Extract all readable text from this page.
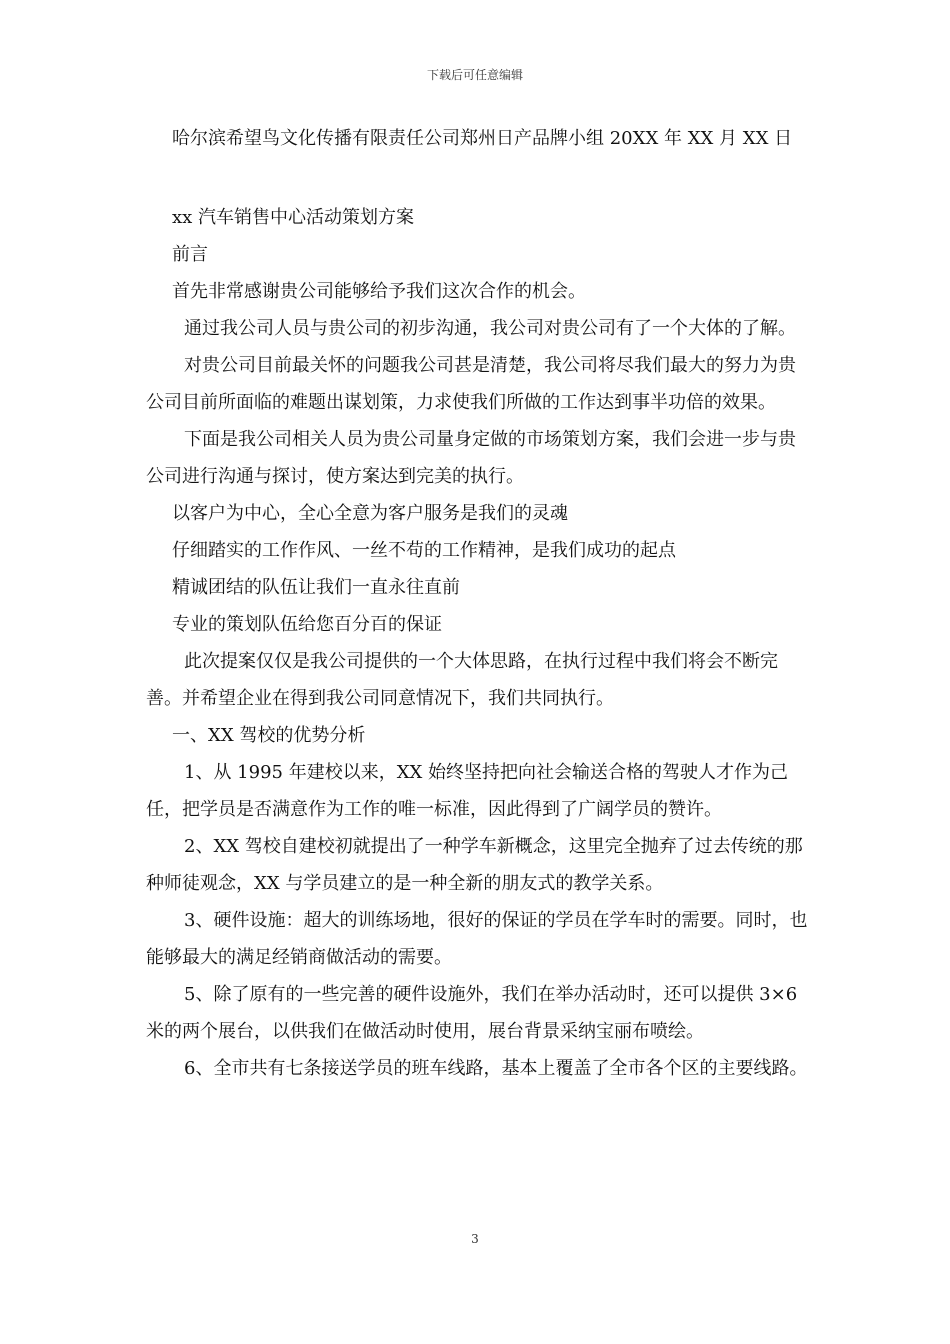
下载后可任意编辑

哈尔滨希望鸟文化传播有限责任公司郑州日产品牌小组 20XX 年 XX 月 XX 日

xx 汽车销售中心活动策划方案

前言

首先非常感谢贵公司能够给予我们这次合作的机会。

通过我公司人员与贵公司的初步沟通，我公司对贵公司有了一个大体的了解。

对贵公司目前最关怀的问题我公司甚是清楚，我公司将尽我们最大的努力为贵公司目前所面临的难题出谋划策，力求使我们所做的工作达到事半功倍的效果。

下面是我公司相关人员为贵公司量身定做的市场策划方案，我们会进一步与贵公司进行沟通与探讨，使方案达到完美的执行。

以客户为中心，全心全意为客户服务是我们的灵魂

仔细踏实的工作作风、一丝不苟的工作精神，是我们成功的起点

精诚团结的队伍让我们一直永往直前

专业的策划队伍给您百分百的保证

此次提案仅仅是我公司提供的一个大体思路，在执行过程中我们将会不断完善。并希望企业在得到我公司同意情况下，我们共同执行。

一、XX 驾校的优势分析

1、从 1995 年建校以来，XX 始终坚持把向社会输送合格的驾驶人才作为己任，把学员是否满意作为工作的唯一标准，因此得到了广阔学员的赞许。

2、XX 驾校自建校初就提出了一种学车新概念，这里完全抛弃了过去传统的那种师徒观念，XX 与学员建立的是一种全新的朋友式的教学关系。

3、硬件设施：超大的训练场地，很好的保证的学员在学车时的需要。同时，也能够最大的满足经销商做活动的需要。

5、除了原有的一些完善的硬件设施外，我们在举办活动时，还可以提供 3×6 米的两个展台，以供我们在做活动时使用，展台背景采纳宝丽布喷绘。

6、全市共有七条接送学员的班车线路，基本上覆盖了全市各个区的主要线路。

3
